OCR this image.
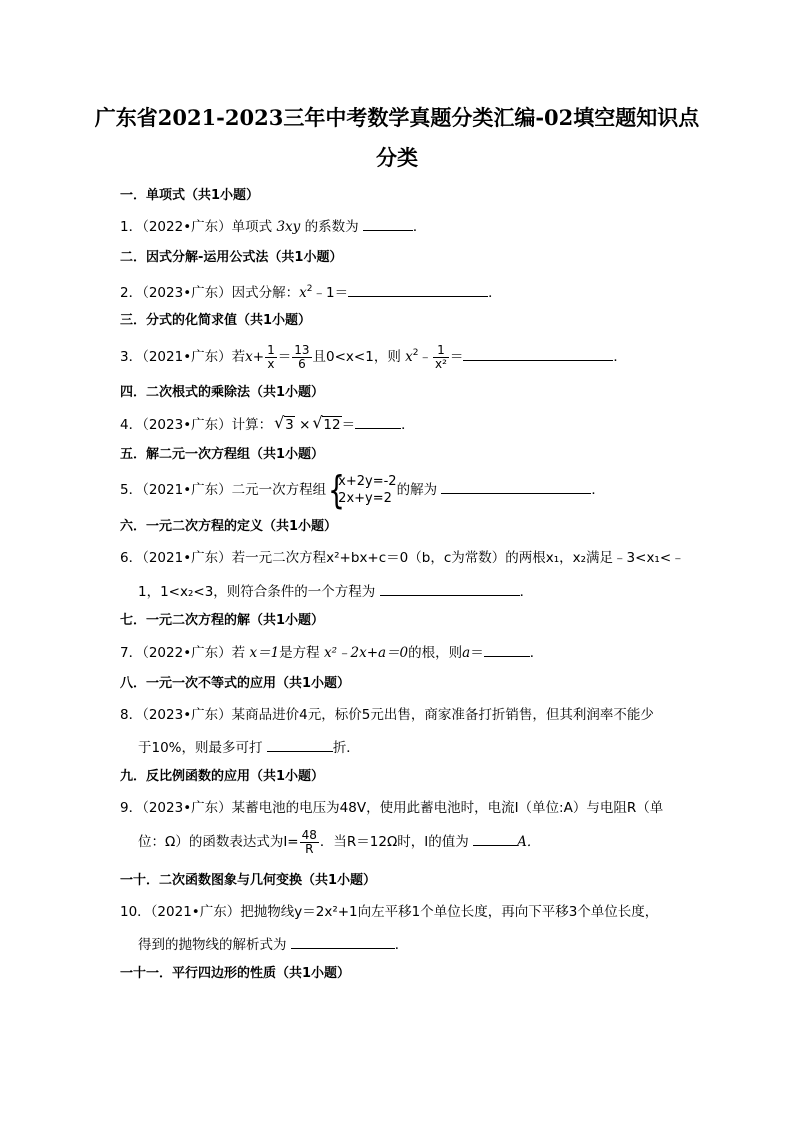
广东省2021-2023三年中考数学真题分类汇编-02填空题知识点
分类
一．单项式（共1小题）
1．（2022•广东）单项式 3xy 的系数为	．
二．因式分解-运用公式法（共1小题）
2．（2023•广东）因式分解：$x^2﹣1=$	．
三．分式的化简求值（共1小题）
3．（2021•广东）若$x+ \frac{1}{x} = \frac{13}{6}$ 且0<x<1，则 $x^2﹣ \frac{1}{\text{x²}}$ ＝	．
四．二次根式的乘除法（共1小题）
4．（2023•广东）计算： √ 3 × √ 12＝	．
五．解二元一次方程组（共1小题）
5．（2021•广东）二元一次方程组 {
x+2y=-2
2x+y=2
的解为	．
六．一元二次方程的定义（共1小题）
6．（2021•广东）若一元二次方程x²+bx+c＝0（b，c为常数）的两根x₁，x₂满足﹣3<x₁<﹣
1，1<x₂<3，则符合条件的一个方程为	．
七．一元二次方程的解（共1小题）
7．（2022•广东）若 x＝1是方程 x²﹣2x+a＝0的根，则a＝	．
八．一元一次不等式的应用（共1小题）
8．（2023•广东）某商品进价4元，标价5元出售，商家准备打折销售，但其利润率不能少
于10%，则最多可打	折．
九．反比例函数的应用（共1小题）
9．（2023•广东）某蓄电池的电压为48V，使用此蓄电池时，电流I（单位:A）与电阻R（单
位：Ω）的函数表达式为$I= \frac{48}{R}$ ．当R＝12Ω时，I的值为	A．
一十．二次函数图象与几何变换（共1小题）
10．（2021•广东）把抛物线y＝2x²+1向左平移1个单位长度，再向下平移3个单位长度，
得到的抛物线的解析式为	．
一十一．平行四边形的性质（共1小题）
